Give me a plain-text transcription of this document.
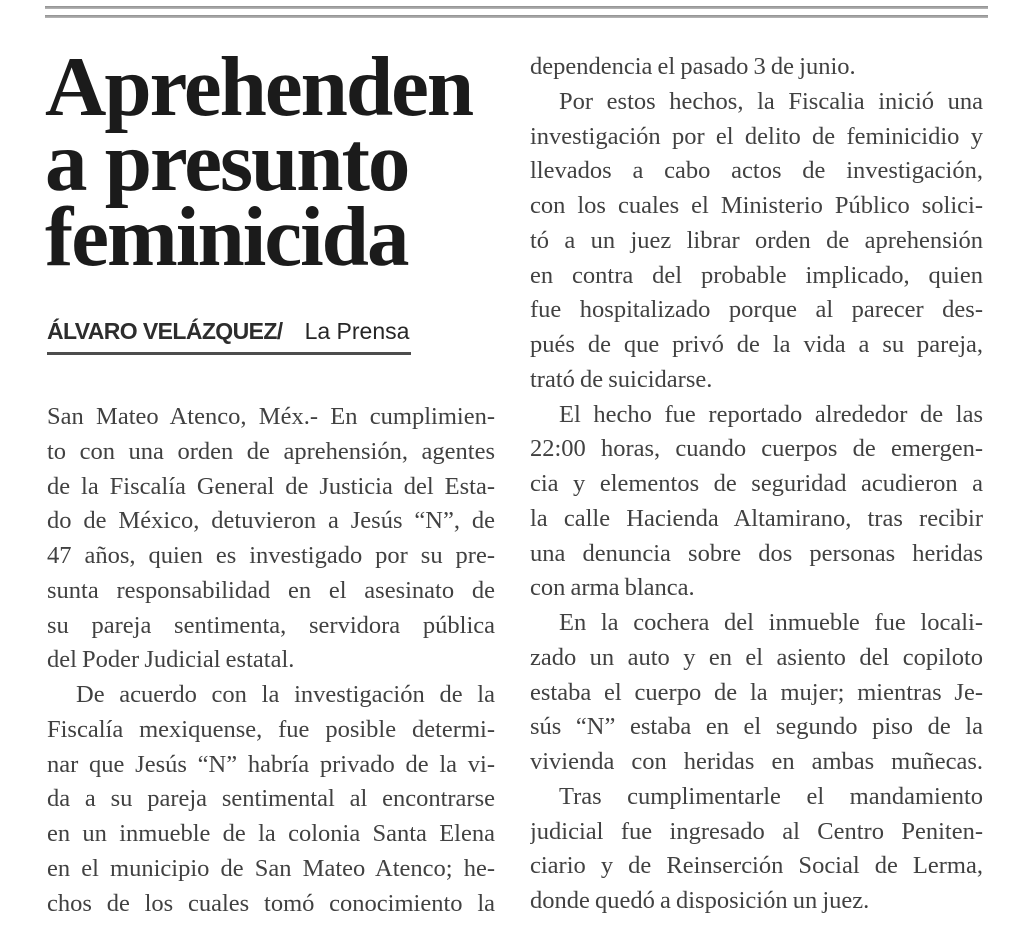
Aprehenden
a presunto
feminicida
ÁLVARO VELÁZQUEZ/ La Prensa
San Mateo Atenco, Méx.- En cumplimien-
to con una orden de aprehensión, agentes
de la Fiscalía General de Justicia del Esta-
do de México, detuvieron a Jesús “N”, de
47 años, quien es investigado por su pre-
sunta responsabilidad en el asesinato de
su pareja sentimenta, servidora pública
del Poder Judicial estatal.
De acuerdo con la investigación de la
Fiscalía mexiquense, fue posible determi-
nar que Jesús “N” habría privado de la vi-
da a su pareja sentimental al encontrarse
en un inmueble de la colonia Santa Elena
en el municipio de San Mateo Atenco; he-
chos de los cuales tomó conocimiento la
dependencia el pasado 3 de junio.
Por estos hechos, la Fiscalia inició una
investigación por el delito de feminicidio y
llevados a cabo actos de investigación,
con los cuales el Ministerio Público solici-
tó a un juez librar orden de aprehensión
en contra del probable implicado, quien
fue hospitalizado porque al parecer des-
pués de que privó de la vida a su pareja,
trató de suicidarse.
El hecho fue reportado alrededor de las
22:00 horas, cuando cuerpos de emergen-
cia y elementos de seguridad acudieron a
la calle Hacienda Altamirano, tras recibir
una denuncia sobre dos personas heridas
con arma blanca.
En la cochera del inmueble fue locali-
zado un auto y en el asiento del copiloto
estaba el cuerpo de la mujer; mientras Je-
sús “N” estaba en el segundo piso de la
vivienda con heridas en ambas muñecas.
Tras cumplimentarle el mandamiento
judicial fue ingresado al Centro Peniten-
ciario y de Reinserción Social de Lerma,
donde quedó a disposición un juez.
